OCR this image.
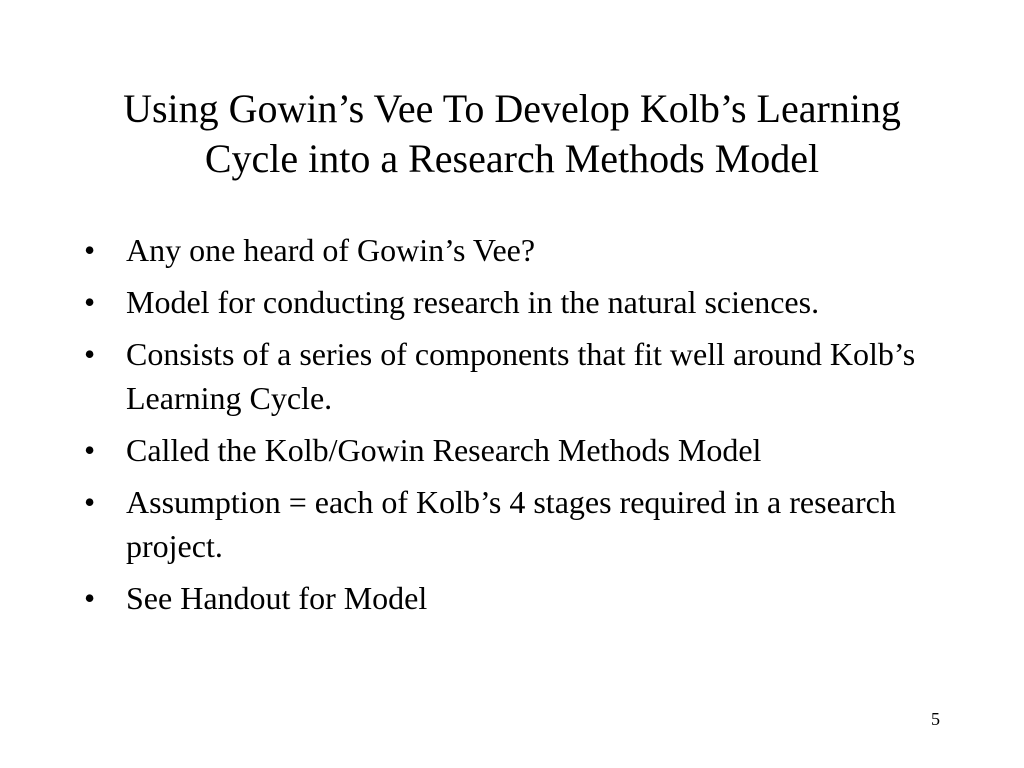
Using Gowin’s Vee To Develop Kolb’s Learning
Cycle into a Research Methods Model
• Any one heard of Gowin’s Vee?
• Model for conducting research in the natural sciences.
• Consists of a series of components that fit well around Kolb’s Learning Cycle.
• Called the Kolb/Gowin Research Methods Model
• Assumption = each of Kolb’s 4 stages required in a research project.
• See Handout for Model
5
